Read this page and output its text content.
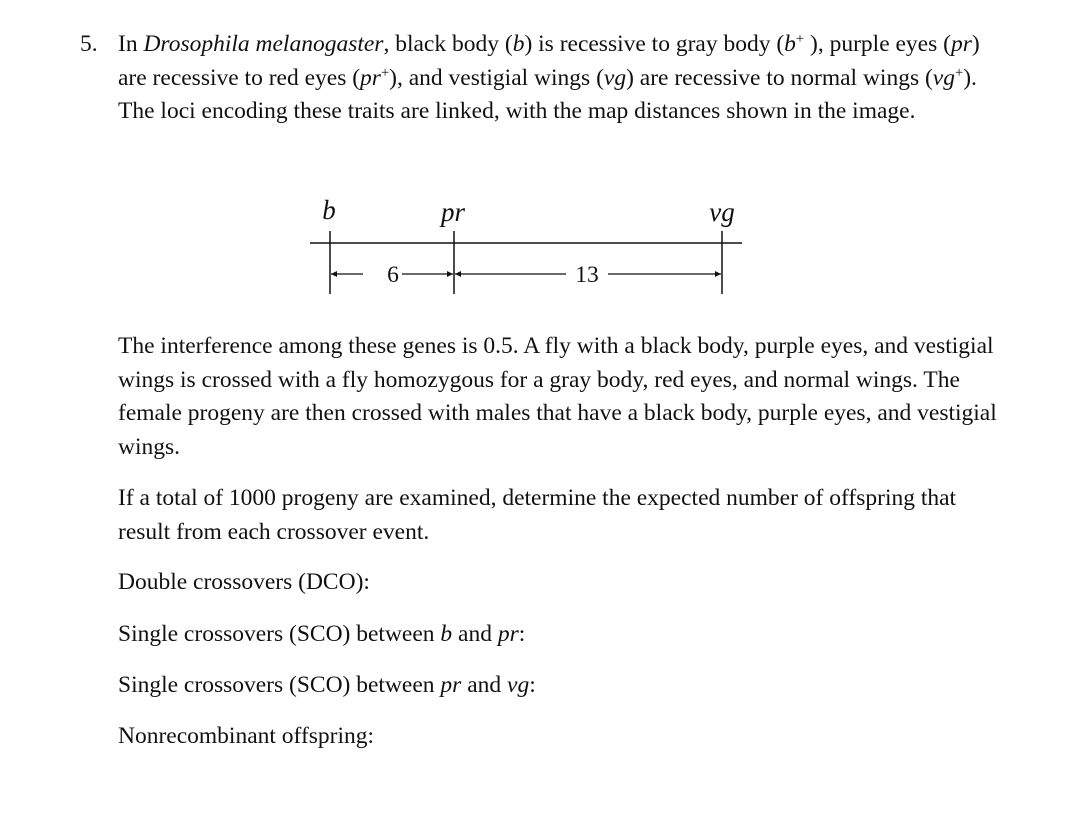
5. In Drosophila melanogaster, black body (b) is recessive to gray body (b+ ), purple eyes (pr) are recessive to red eyes (pr+), and vestigial wings (vg) are recessive to normal wings (vg+). The loci encoding these traits are linked, with the map distances shown in the image.

b	pr	vg
6	13

The interference among these genes is 0.5. A fly with a black body, purple eyes, and vestigial wings is crossed with a fly homozygous for a gray body, red eyes, and normal wings. The female progeny are then crossed with males that have a black body, purple eyes, and vestigial wings.

If a total of 1000 progeny are examined, determine the expected number of offspring that result from each crossover event.

Double crossovers (DCO):

Single crossovers (SCO) between b and pr:

Single crossovers (SCO) between pr and vg:

Nonrecombinant offspring:
